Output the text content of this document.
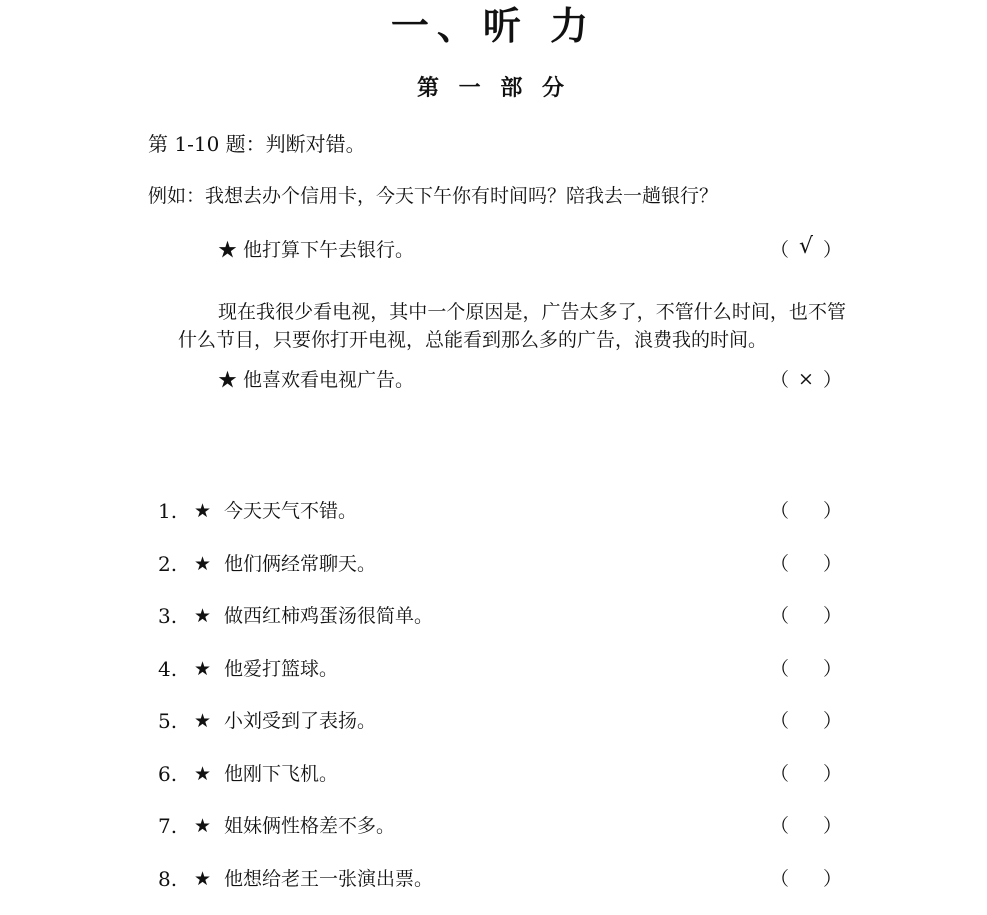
一、听 力
第 一 部 分
第 1-10 题：判断对错。
例如：我想去办个信用卡，今天下午你有时间吗？陪我去一趟银行？
★ 他打算下午去银行。	（ √ ）

现在我很少看电视，其中一个原因是，广告太多了，不管什么时间，也不管什么节目，只要你打开电视，总能看到那么多的广告，浪费我的时间。

★ 他喜欢看电视广告。	（ × ）
1. ★ 今天天气不错。	（ ）
2. ★ 他们俩经常聊天。	（ ）
3. ★ 做西红柿鸡蛋汤很简单。	（ ）
4. ★ 他爱打篮球。	（ ）
5. ★ 小刘受到了表扬。	（ ）
6. ★ 他刚下飞机。	（ ）
7. ★ 姐妹俩性格差不多。	（ ）
8. ★ 他想给老王一张演出票。	（ ）
